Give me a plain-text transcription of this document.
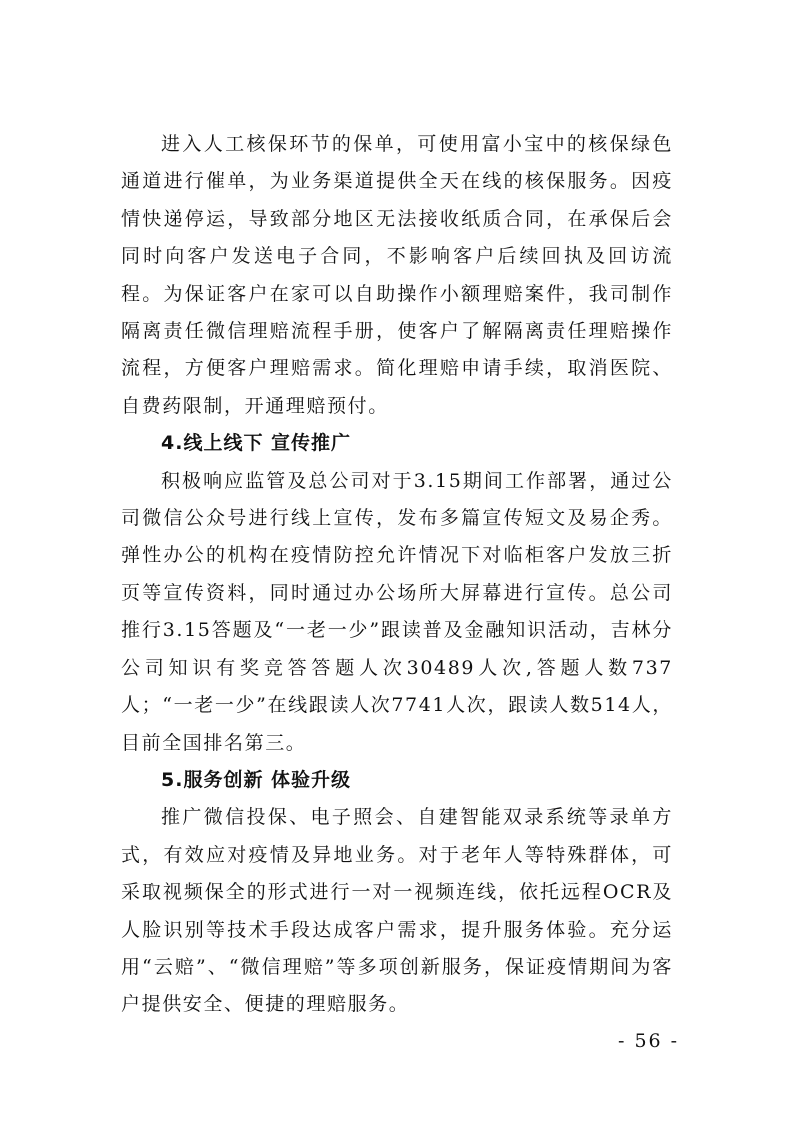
进入人工核保环节的保单，可使用富小宝中的核保绿色通道进行催单，为业务渠道提供全天在线的核保服务。因疫情快递停运，导致部分地区无法接收纸质合同，在承保后会同时向客户发送电子合同，不影响客户后续回执及回访流程。为保证客户在家可以自助操作小额理赔案件，我司制作隔离责任微信理赔流程手册，使客户了解隔离责任理赔操作流程，方便客户理赔需求。简化理赔申请手续，取消医院、自费药限制，开通理赔预付。

4.线上线下 宣传推广

积极响应监管及总公司对于3.15期间工作部署，通过公司微信公众号进行线上宣传，发布多篇宣传短文及易企秀。弹性办公的机构在疫情防控允许情况下对临柜客户发放三折页等宣传资料，同时通过办公场所大屏幕进行宣传。总公司推行3.15答题及“一老一少”跟读普及金融知识活动，吉林分公司知识有奖竞答答题人次30489人次,答题人数737人；“一老一少”在线跟读人次7741人次，跟读人数514人，目前全国排名第三。

5.服务创新 体验升级

推广微信投保、电子照会、自建智能双录系统等录单方式，有效应对疫情及异地业务。对于老年人等特殊群体，可采取视频保全的形式进行一对一视频连线，依托远程OCR及人脸识别等技术手段达成客户需求，提升服务体验。充分运用“云赔”、“微信理赔”等多项创新服务，保证疫情期间为客户提供安全、便捷的理赔服务。

- 56 -
